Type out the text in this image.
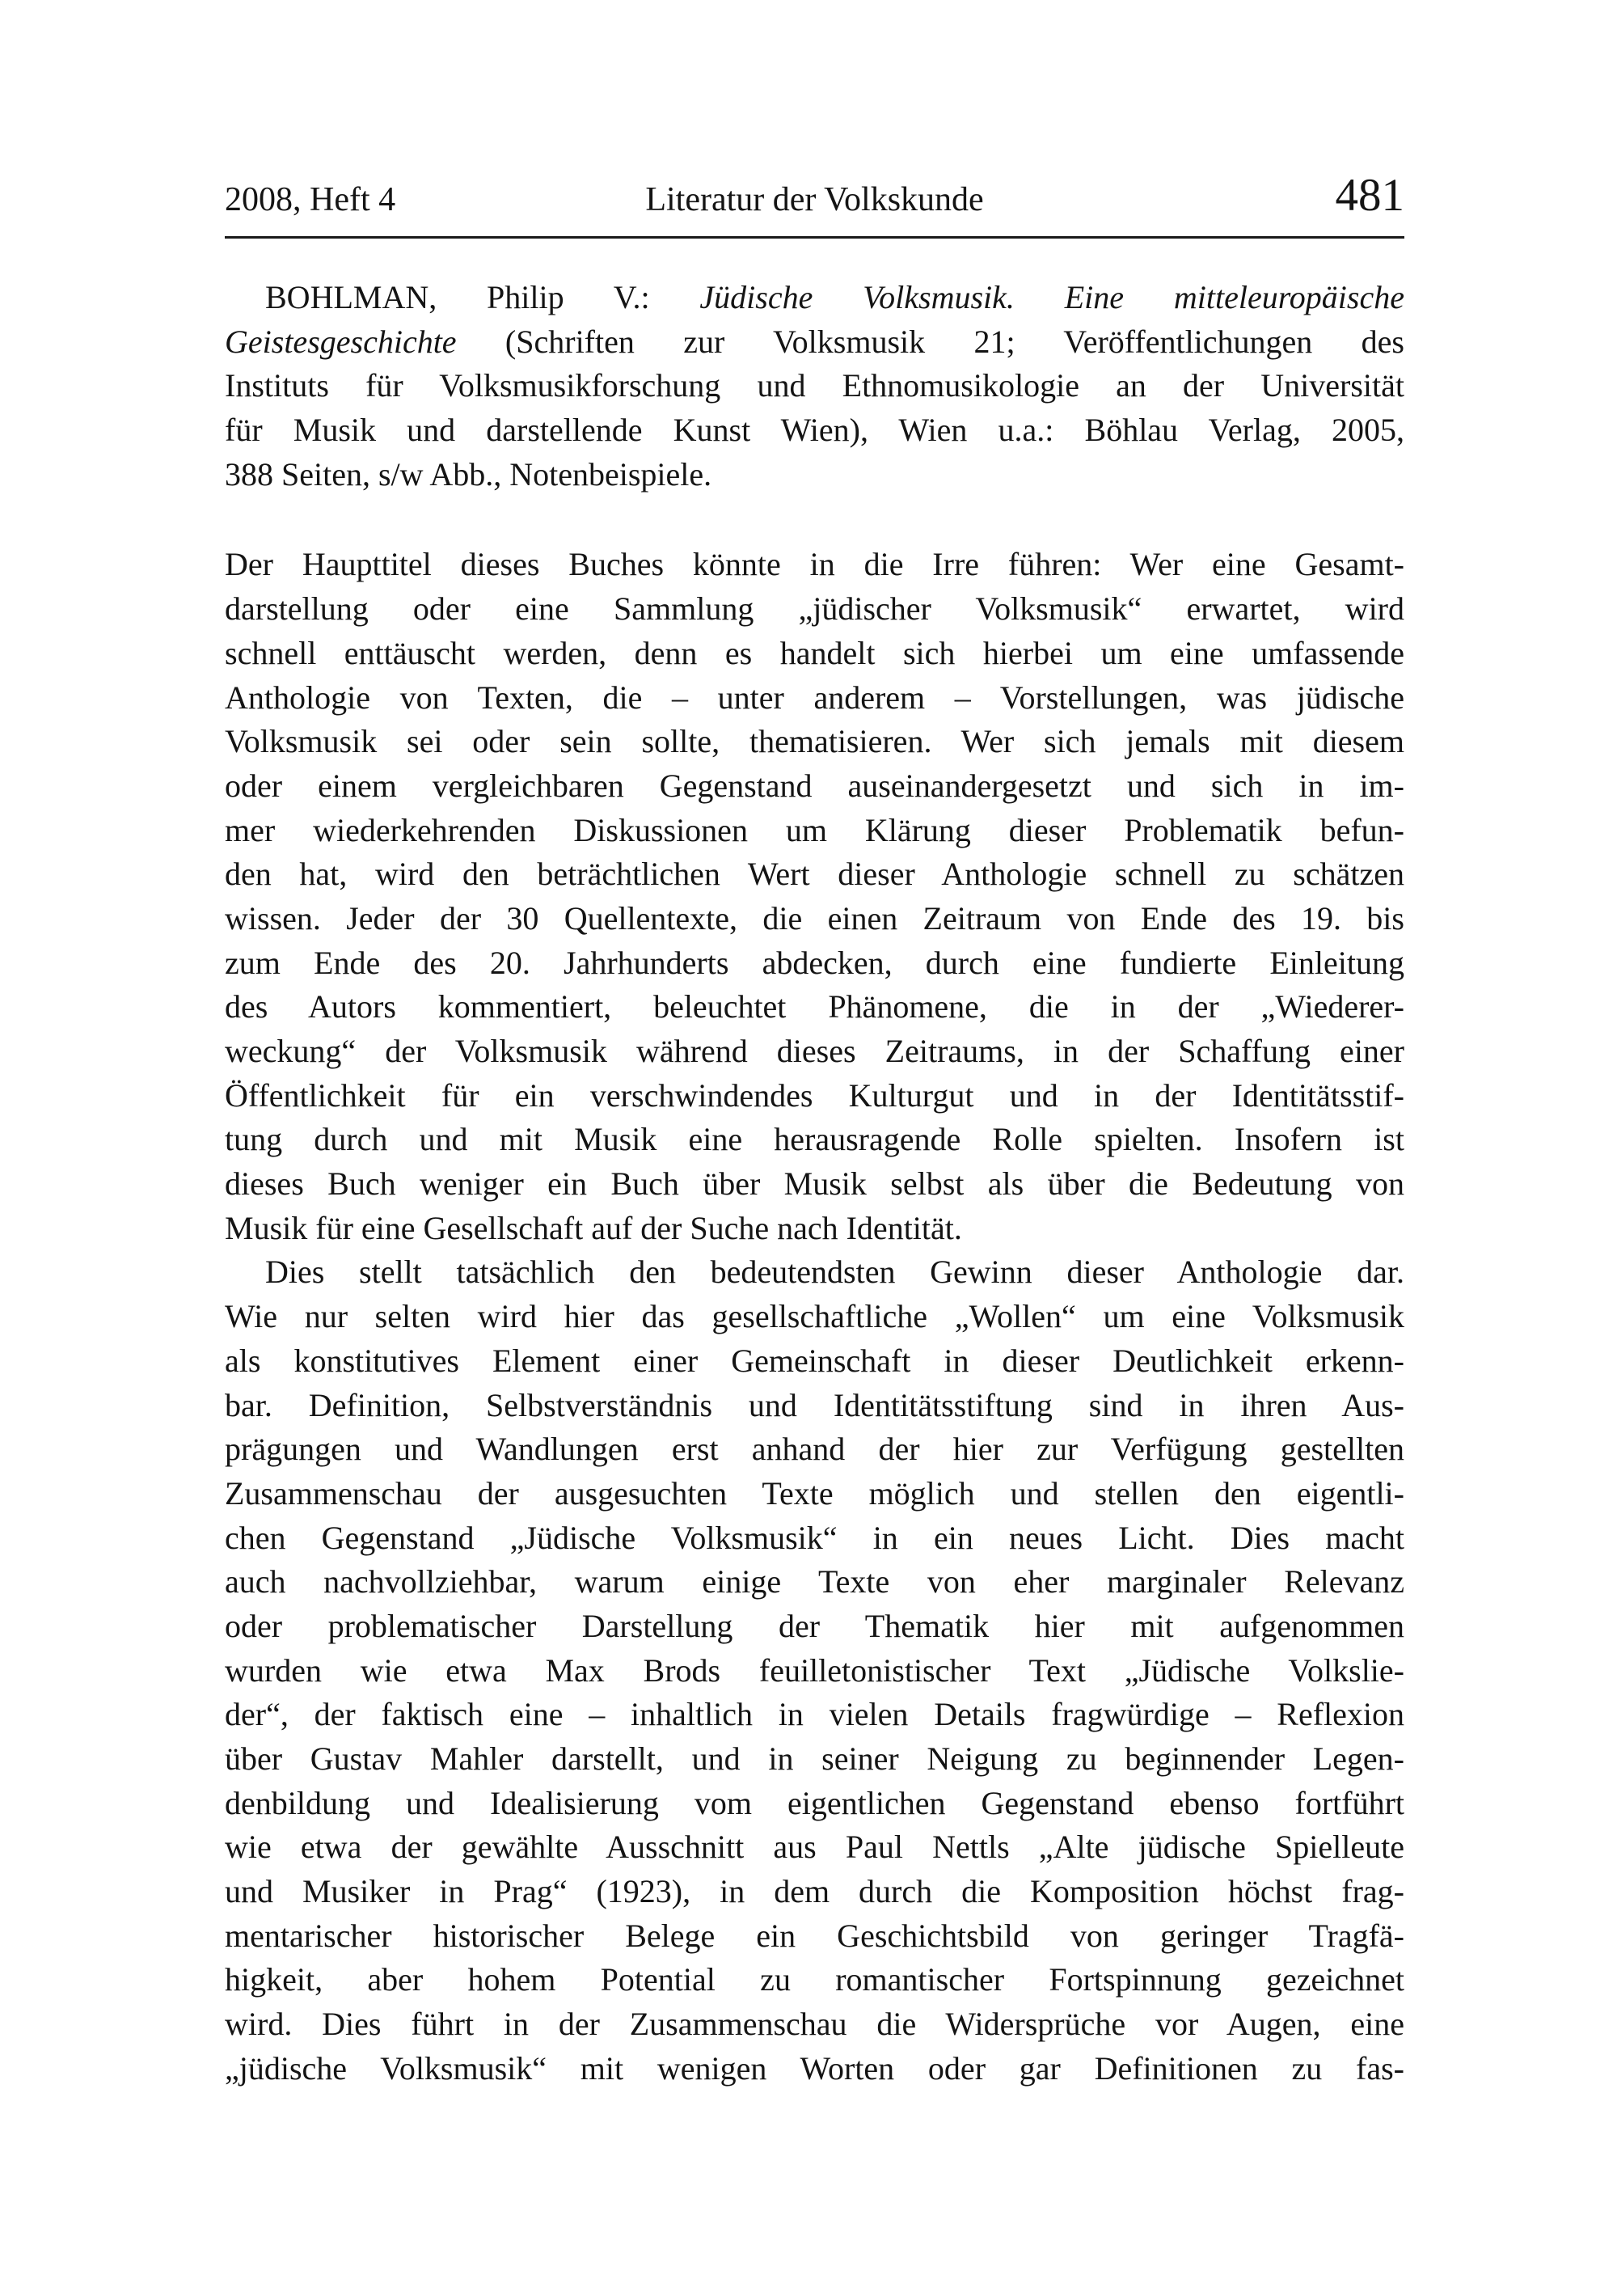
2008, Heft 4	Literatur der Volkskunde	481
BOHLMAN, Philip V.: Jüdische Volksmusik. Eine mitteleuropäische
Geistesgeschichte (Schriften zur Volksmusik 21; Veröffentlichungen des
Instituts für Volksmusikforschung und Ethnomusikologie an der Universität
für Musik und darstellende Kunst Wien), Wien u.a.: Böhlau Verlag, 2005,
388 Seiten, s/w Abb., Notenbeispiele.
Der Haupttitel dieses Buches könnte in die Irre führen: Wer eine Gesamt-
darstellung oder eine Sammlung „jüdischer Volksmusik“ erwartet, wird
schnell enttäuscht werden, denn es handelt sich hierbei um eine umfassende
Anthologie von Texten, die – unter anderem – Vorstellungen, was jüdische
Volksmusik sei oder sein sollte, thematisieren. Wer sich jemals mit diesem
oder einem vergleichbaren Gegenstand auseinandergesetzt und sich in im-
mer wiederkehrenden Diskussionen um Klärung dieser Problematik befun-
den hat, wird den beträchtlichen Wert dieser Anthologie schnell zu schätzen
wissen. Jeder der 30 Quellentexte, die einen Zeitraum von Ende des 19. bis
zum Ende des 20. Jahrhunderts abdecken, durch eine fundierte Einleitung
des Autors kommentiert, beleuchtet Phänomene, die in der „Wiederer-
weckung“ der Volksmusik während dieses Zeitraums, in der Schaffung einer
Öffentlichkeit für ein verschwindendes Kulturgut und in der Identitätsstif-
tung durch und mit Musik eine herausragende Rolle spielten. Insofern ist
dieses Buch weniger ein Buch über Musik selbst als über die Bedeutung von
Musik für eine Gesellschaft auf der Suche nach Identität.
Dies stellt tatsächlich den bedeutendsten Gewinn dieser Anthologie dar.
Wie nur selten wird hier das gesellschaftliche „Wollen“ um eine Volksmusik
als konstitutives Element einer Gemeinschaft in dieser Deutlichkeit erkenn-
bar. Definition, Selbstverständnis und Identitätsstiftung sind in ihren Aus-
prägungen und Wandlungen erst anhand der hier zur Verfügung gestellten
Zusammenschau der ausgesuchten Texte möglich und stellen den eigentli-
chen Gegenstand „Jüdische Volksmusik“ in ein neues Licht. Dies macht
auch nachvollziehbar, warum einige Texte von eher marginaler Relevanz
oder problematischer Darstellung der Thematik hier mit aufgenommen
wurden wie etwa Max Brods feuilletonistischer Text „Jüdische Volkslie-
der“, der faktisch eine – inhaltlich in vielen Details fragwürdige – Reflexion
über Gustav Mahler darstellt, und in seiner Neigung zu beginnender Legen-
denbildung und Idealisierung vom eigentlichen Gegenstand ebenso fortführt
wie etwa der gewählte Ausschnitt aus Paul Nettls „Alte jüdische Spielleute
und Musiker in Prag“ (1923), in dem durch die Komposition höchst frag-
mentarischer historischer Belege ein Geschichtsbild von geringer Tragfä-
higkeit, aber hohem Potential zu romantischer Fortspinnung gezeichnet
wird. Dies führt in der Zusammenschau die Widersprüche vor Augen, eine
„jüdische Volksmusik“ mit wenigen Worten oder gar Definitionen zu fas-
